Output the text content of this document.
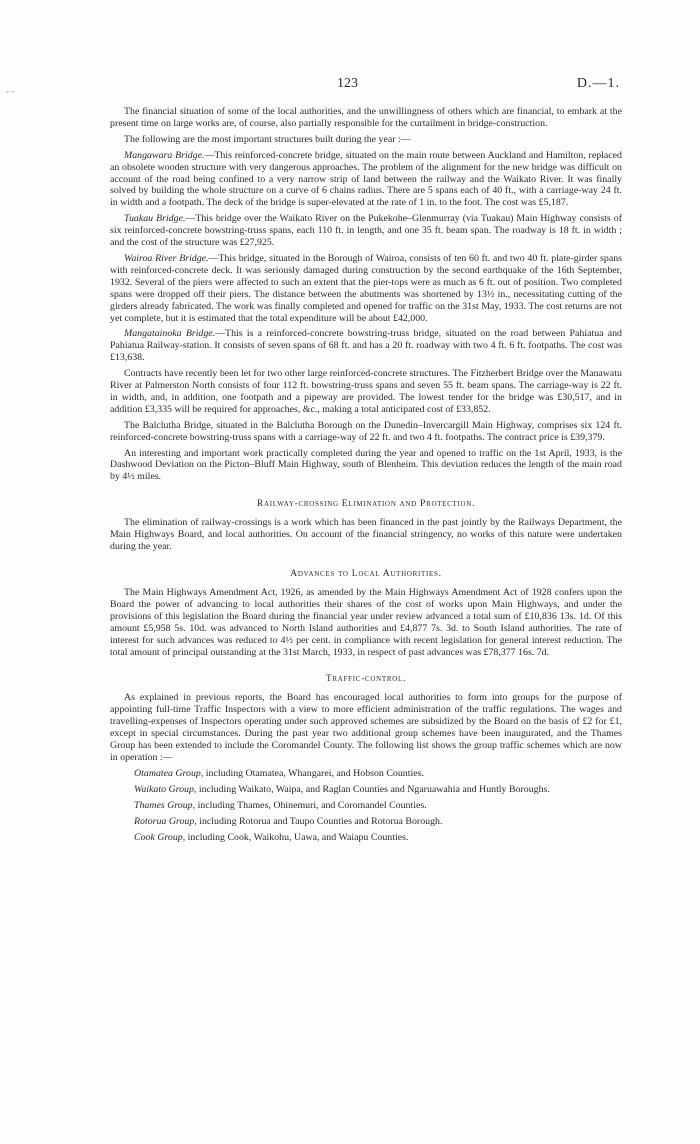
- -	123	D.—1.

The financial situation of some of the local authorities, and the unwillingness of others which are financial, to embark at the present time on large works are, of course, also partially responsible for the curtailment in bridge-construction.

The following are the most important structures built during the year :—

Mangawara Bridge.—This reinforced-concrete bridge, situated on the main route between Auckland and Hamilton, replaced an obsolete wooden structure with very dangerous approaches. The problem of the alignment for the new bridge was difficult on account of the road being confined to a very narrow strip of land between the railway and the Waikato River. It was finally solved by building the whole structure on a curve of 6 chains radius. There are 5 spans each of 40 ft., with a carriage-way 24 ft. in width and a footpath. The deck of the bridge is super-elevated at the rate of 1 in. to the foot. The cost was £5,187.

Tuakau Bridge.—This bridge over the Waikato River on the Pukekohe–Glenmurray (via Tuakau) Main Highway consists of six reinforced-concrete bowstring-truss spans, each 110 ft. in length, and one 35 ft. beam span. The roadway is 18 ft. in width ; and the cost of the structure was £27,925.

Wairoa River Bridge.—This bridge, situated in the Borough of Wairoa, consists of ten 60 ft. and two 40 ft. plate-girder spans with reinforced-concrete deck. It was seriously damaged during construction by the second earthquake of the 16th September, 1932. Several of the piers were affected to such an extent that the pier-tops were as much as 6 ft. out of position. Two completed spans were dropped off their piers. The distance between the abutments was shortened by 13½ in., necessitating cutting of the girders already fabricated. The work was finally completed and opened for traffic on the 31st May, 1933. The cost returns are not yet complete, but it is estimated that the total expenditure will be about £42,000.

Mangatainoka Bridge.—This is a reinforced-concrete bowstring-truss bridge, situated on the road between Pahiatua and Pahiatua Railway-station. It consists of seven spans of 68 ft. and has a 20 ft. roadway with two 4 ft. 6 ft. footpaths. The cost was £13,638.

Contracts have recently been let for two other large reinforced-concrete structures. The Fitzherbert Bridge over the Manawatu River at Palmerston North consists of four 112 ft. bowstring-truss spans and seven 55 ft. beam spans. The carriage-way is 22 ft. in width, and, in addition, one footpath and a pipeway are provided. The lowest tender for the bridge was £30,517, and in addition £3,335 will be required for approaches, &c., making a total anticipated cost of £33,852.

The Balclutha Bridge, situated in the Balclutha Borough on the Dunedin–Invercargill Main Highway, comprises six 124 ft. reinforced-concrete bowstring-truss spans with a carriage-way of 22 ft. and two 4 ft. footpaths. The contract price is £39,379.

An interesting and important work practically completed during the year and opened to traffic on the 1st April, 1933, is the Dashwood Deviation on the Picton–Bluff Main Highway, south of Blenheim. This deviation reduces the length of the main road by 4½ miles.

Railway-crossing Elimination and Protection.

The elimination of railway-crossings is a work which has been financed in the past jointly by the Railways Department, the Main Highways Board, and local authorities. On account of the financial stringency, no works of this nature were undertaken during the year.

Advances to Local Authorities.

The Main Highways Amendment Act, 1926, as amended by the Main Highways Amendment Act of 1928 confers upon the Board the power of advancing to local authorities their shares of the cost of works upon Main Highways, and under the provisions of this legislation the Board during the financial year under review advanced a total sum of £10,836 13s. 1d. Of this amount £5,958 5s. 10d. was advanced to North Island authorities and £4,877 7s. 3d. to South Island authorities. The rate of interest for such advances was reduced to 4½ per cent. in compliance with recent legislation for general interest reduction. The total amount of principal outstanding at the 31st March, 1933, in respect of past advances was £78,377 16s. 7d.

Traffic-control.

As explained in previous reports, the Board has encouraged local authorities to form into groups for the purpose of appointing full-time Traffic Inspectors with a view to more efficient administration of the traffic regulations. The wages and travelling-expenses of Inspectors operating under such approved schemes are subsidized by the Board on the basis of £2 for £1, except in special circumstances. During the past year two additional group schemes have been inaugurated, and the Thames Group has been extended to include the Coromandel County. The following list shows the group traffic schemes which are now in operation :—

Otamatea Group, including Otamatea, Whangarei, and Hobson Counties.
Waikato Group, including Waikato, Waipa, and Raglan Counties and Ngaruawahia and Huntly Boroughs.
Thames Group, including Thames, Ohinemuri, and Coromandel Counties.
Rotorua Group, including Rotorua and Taupo Counties and Rotorua Borough.
Cook Group, including Cook, Waikohu, Uawa, and Waiapu Counties.
